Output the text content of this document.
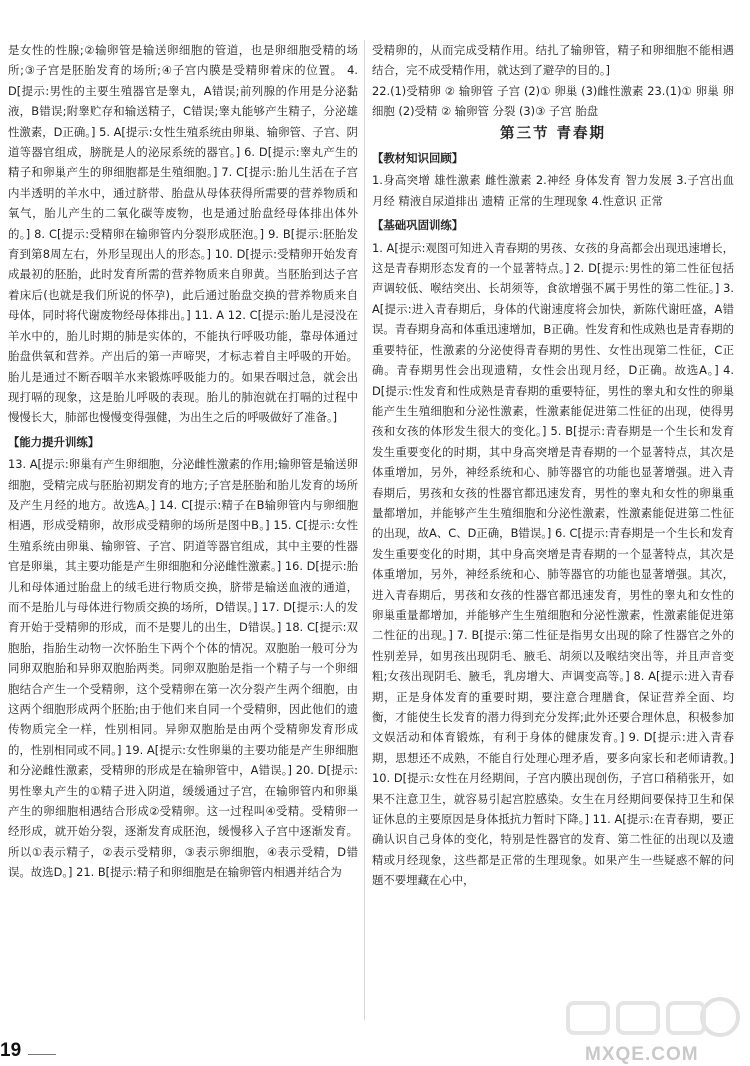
是女性的性腺;②输卵管是输送卵细胞的管道，也是卵细胞受精的场所;③子宫是胚胎发育的场所;④子宫内膜是受精卵着床的位置。 4. D[提示:男性的主要生殖器官是睾丸，A错误;前列腺的作用是分泌黏液，B错误;附睾贮存和输送精子，C错误;睾丸能够产生精子，分泌雄性激素，D正确。] 5. A[提示:女性生殖系统由卵巢、输卵管、子宫、阴道等器官组成，膀胱是人的泌尿系统的器官。] 6. D[提示:睾丸产生的精子和卵巢产生的卵细胞都是生殖细胞。] 7. C[提示:胎儿生活在子宫内半透明的羊水中，通过脐带、胎盘从母体获得所需要的营养物质和氧气，胎儿产生的二氧化碳等废物，也是通过胎盘经母体排出体外的。] 8. C[提示:受精卵在输卵管内分裂形成胚泡。] 9. B[提示:胚胎发育到第8周左右，外形呈现出人的形态。] 10. D[提示:受精卵开始发育成最初的胚胎，此时发育所需的营养物质来自卵黄。当胚胎到达子宫着床后(也就是我们所说的怀孕)，此后通过胎盘交换的营养物质来自母体，同时将代谢废物经母体排出。] 11. A 12. C[提示:胎儿是浸没在羊水中的，胎儿时期的肺是实体的，不能执行呼吸功能，靠母体通过胎盘供氧和营养。产出后的第一声啼哭，才标志着自主呼吸的开始。胎儿是通过不断吞咽羊水来锻炼呼吸能力的。如果吞咽过急，就会出现打嗝的现象，这是胎儿呼吸的表现。胎儿的肺泡就在打嗝的过程中慢慢长大，肺部也慢慢变得强健，为出生之后的呼吸做好了准备。]

【能力提升训练】

13. A[提示:卵巢有产生卵细胞，分泌雌性激素的作用;输卵管是输送卵细胞，受精完成与胚胎初期发育的地方;子宫是胚胎和胎儿发育的场所及产生月经的地方。故选A。] 14. C[提示:精子在B输卵管内与卵细胞相遇，形成受精卵，故形成受精卵的场所是图中B。] 15. C[提示:女性生殖系统由卵巢、输卵管、子宫、阴道等器官组成，其中主要的性器官是卵巢，其主要功能是产生卵细胞和分泌雌性激素。] 16. D[提示:胎儿和母体通过胎盘上的绒毛进行物质交换，脐带是输送血液的通道，而不是胎儿与母体进行物质交换的场所，D错误。] 17. D[提示:人的发育开始于受精卵的形成，而不是婴儿的出生，D错误。] 18. C[提示:双胞胎，指胎生动物一次怀胎生下两个个体的情况。双胞胎一般可分为同卵双胞胎和异卵双胞胎两类。同卵双胞胎是指一个精子与一个卵细胞结合产生一个受精卵，这个受精卵在第一次分裂产生两个细胞，由这两个细胞形成两个胚胎;由于他们来自同一个受精卵，因此他们的遗传物质完全一样，性别相同。异卵双胞胎是由两个受精卵发育形成的，性别相同或不同。] 19. A[提示:女性卵巢的主要功能是产生卵细胞和分泌雌性激素，受精卵的形成是在输卵管中，A错误。] 20. D[提示:男性睾丸产生的①精子进入阴道，缓缓通过子宫，在输卵管内和卵巢产生的卵细胞相遇结合形成②受精卵。这一过程叫④受精。受精卵一经形成，就开始分裂，逐渐发育成胚泡，缓慢移入子宫中逐渐发育。所以①表示精子，②表示受精卵，③表示卵细胞，④表示受精，D错误。故选D。] 21. B[提示:精子和卵细胞是在输卵管内相遇并结合为

受精卵的，从而完成受精作用。结扎了输卵管，精子和卵细胞不能相遇结合，完不成受精作用，就达到了避孕的目的。]

22.(1)受精卵 ② 输卵管 子宫 (2)① 卵巢 (3)雌性激素 23.(1)① 卵巢 卵细胞 (2)受精 ② 输卵管 分裂 (3)③ 子宫 胎盘

第三节 青春期
【教材知识回顾】

1.身高突增 雄性激素 雌性激素 2.神经 身体发育 智力发展 3.子宫出血 月经 精液自尿道排出 遗精 正常的生理现象 4.性意识 正常

【基础巩固训练】

1. A[提示:观图可知进入青春期的男孩、女孩的身高都会出现迅速增长，这是青春期形态发育的一个显著特点。] 2. D[提示:男性的第二性征包括声调较低、喉结突出、长胡须等，食欲增强不属于男性的第二性征。] 3. A[提示:进入青春期后，身体的代谢速度将会加快，新陈代谢旺盛，A错误。青春期身高和体重迅速增加，B正确。性发育和性成熟也是青春期的重要特征，性激素的分泌使得青春期的男性、女性出现第二性征，C正确。青春期男性会出现遗精，女性会出现月经，D正确。故选A。] 4. D[提示:性发育和性成熟是青春期的重要特征，男性的睾丸和女性的卵巢能产生生殖细胞和分泌性激素，性激素能促进第二性征的出现，使得男孩和女孩的体形发生很大的变化。] 5. B[提示:青春期是一个生长和发育发生重要变化的时期，其中身高突增是青春期的一个显著特点，其次是体重增加，另外，神经系统和心、肺等器官的功能也显著增强。进入青春期后，男孩和女孩的性器官都迅速发育，男性的睾丸和女性的卵巢重量都增加，并能够产生生殖细胞和分泌性激素，性激素能促进第二性征的出现，故A、C、D正确，B错误。] 6. C[提示:青春期是一个生长和发育发生重要变化的时期，其中身高突增是青春期的一个显著特点，其次是体重增加，另外，神经系统和心、肺等器官的功能也显著增强。其次，进入青春期后，男孩和女孩的性器官都迅速发育，男性的睾丸和女性的卵巢重量都增加，并能够产生生殖细胞和分泌性激素，性激素能促进第二性征的出现。] 7. B[提示:第二性征是指男女出现的除了性器官之外的性别差异，如男孩出现阴毛、腋毛、胡须以及喉结突出等，并且声音变粗;女孩出现阴毛、腋毛，乳房增大、声调变高等。] 8. A[提示:进入青春期，正是身体发育的重要时期，要注意合理膳食，保证营养全面、均衡，才能使生长发育的潜力得到充分发挥;此外还要合理休息，积极参加文娱活动和体育锻炼，有利于身体的健康发育。] 9. D[提示:进入青春期，思想还不成熟，不能自行处理心理矛盾，要多向家长和老师请教。] 10. D[提示:女性在月经期间，子宫内膜出现创伤，子宫口稍稍张开，如果不注意卫生，就容易引起宫腔感染。女生在月经期间要保持卫生和保证休息的主要原因是身体抵抗力暂时下降。] 11. A[提示:在青春期，要正确认识自己身体的变化，特别是性器官的发育、第二性征的出现以及遗精或月经现象，这些都是正常的生理现象。如果产生一些疑惑不解的问题不要埋藏在心中，

19	MXQE.COM
